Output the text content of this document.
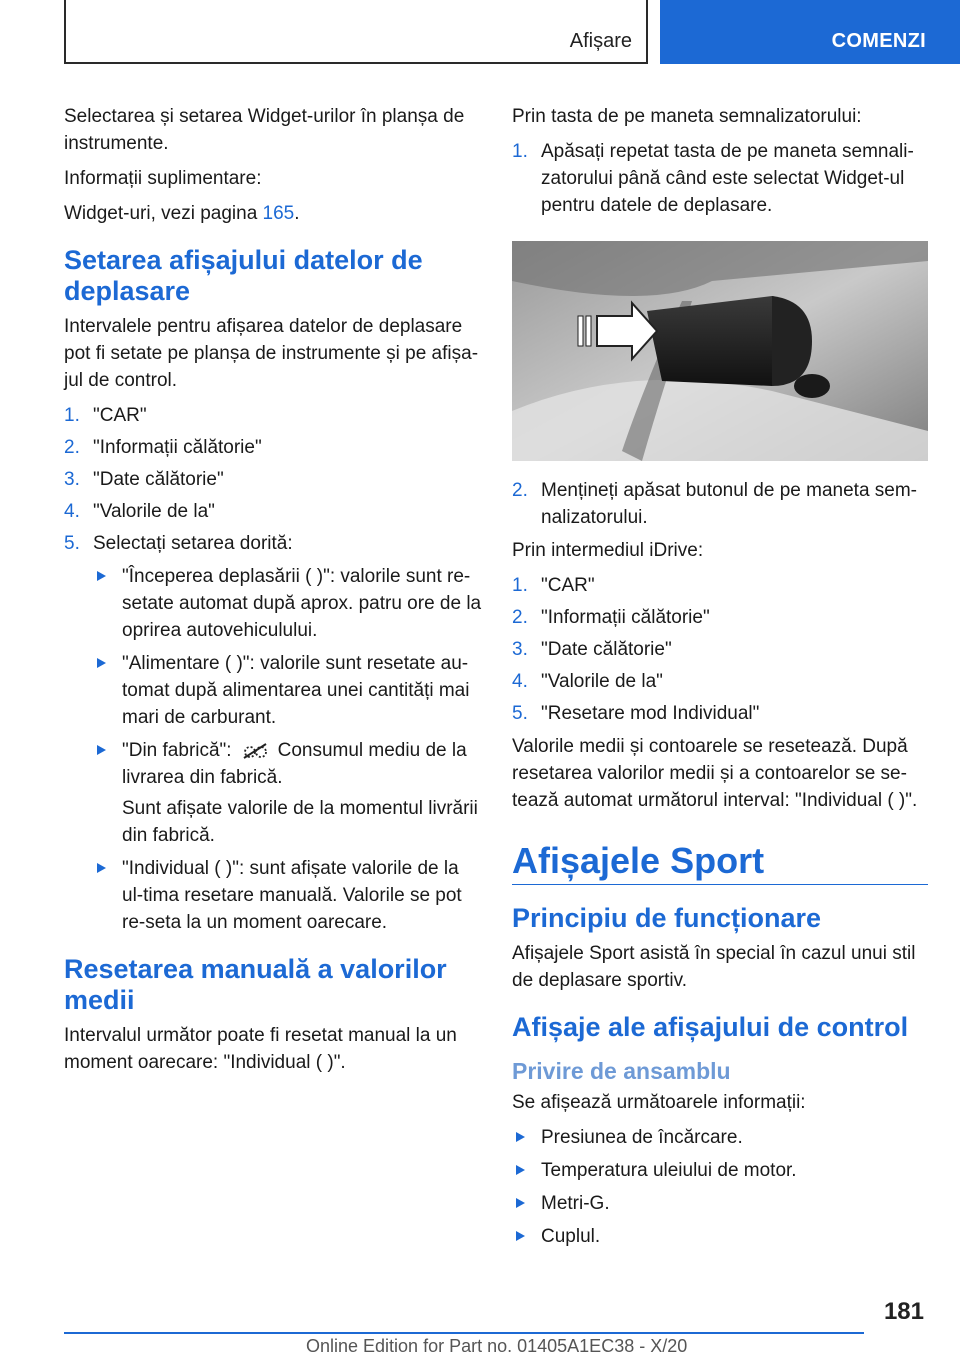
Afișare	COMENZI

Selectarea și setarea Widget-urilor în planșa de instrumente.

Informații suplimentare:

Widget-uri, vezi pagina 165.

Setarea afișajului datelor de deplasare

Intervalele pentru afișarea datelor de deplasare pot fi setate pe planșa de instrumente și pe afișa-jul de control.

1. "CAR"
2. "Informații călătorie"
3. "Date călătorie"
4. "Valorile de la"
5. Selectați setarea dorită:
"Începerea deplasării ( )": valorile sunt re-setate automat după aprox. patru ore de la oprirea autovehiculului.
"Alimentare ( )": valorile sunt resetate au-tomat după alimentarea unei cantități mai mari de carburant.
"Din fabrică": Consumul mediu de la livrarea din fabrică.
Sunt afișate valorile de la momentul livrării din fabrică.
"Individual ( )": sunt afișate valorile de la ul-tima resetare manuală. Valorile se pot re-seta la un moment oarecare.
Resetarea manuală a valorilor medii

Intervalul următor poate fi resetat manual la un moment oarecare: "Individual ( )".

Prin tasta de pe maneta semnalizatorului:

1. Apăsați repetat tasta de pe maneta semnali-zatorului până când este selectat Widget-ul pentru datele de deplasare.
2. Mențineți apăsat butonul de pe maneta sem-nalizatorului.

Prin intermediul iDrive:

1. "CAR"
2. "Informații călătorie"
3. "Date călătorie"
4. "Valorile de la"
5. "Resetare mod Individual"

Valorile medii și contoarele se resetează. După resetarea valorilor medii și a contoarelor se se-tează automat următorul interval: "Individual ( )".

Afișajele Sport
Principiu de funcționare

Afișajele Sport asistă în special în cazul unui stil de deplasare sportiv.

Afișaje ale afișajului de control
Privire de ansamblu

Se afișează următoarele informații:

Presiunea de încărcare.
Temperatura uleiului de motor.
Metri-G.
Cuplul.
181
Online Edition for Part no. 01405A1EC38 - X/20
